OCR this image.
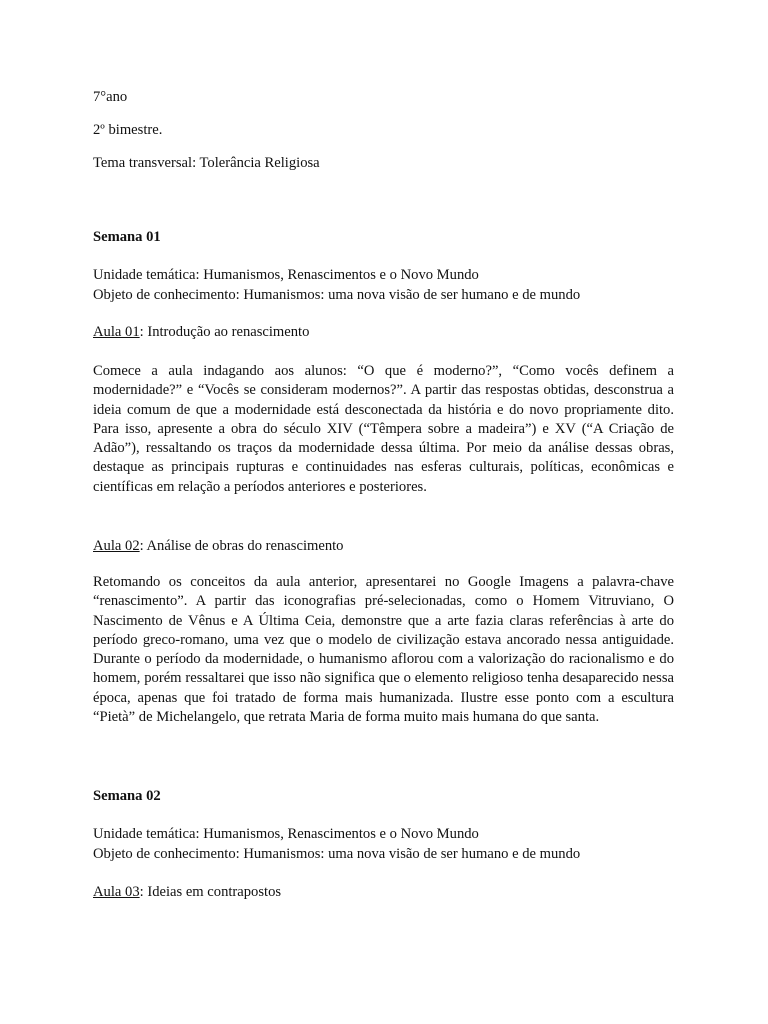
7°ano
2º bimestre.
Tema transversal: Tolerância Religiosa
Semana 01
Unidade temática: Humanismos, Renascimentos e o Novo Mundo
Objeto de conhecimento: Humanismos: uma nova visão de ser humano e de mundo
Aula 01: Introdução ao renascimento
Comece a aula indagando aos alunos: “O que é moderno?”, “Como vocês definem a modernidade?” e “Vocês se consideram modernos?”. A partir das respostas obtidas, desconstrua a ideia comum de que a modernidade está desconectada da história e do novo propriamente dito. Para isso, apresente a obra do século XIV (“Têmpera sobre a madeira”) e XV (“A Criação de Adão”), ressaltando os traços da modernidade dessa última. Por meio da análise dessas obras, destaque as principais rupturas e continuidades nas esferas culturais, políticas, econômicas e científicas em relação a períodos anteriores e posteriores.
Aula 02: Análise de obras do renascimento
Retomando os conceitos da aula anterior, apresentarei no Google Imagens a palavra-chave “renascimento”. A partir das iconografias pré-selecionadas, como o Homem Vitruviano, O Nascimento de Vênus e A Última Ceia, demonstre que a arte fazia claras referências à arte do período greco-romano, uma vez que o modelo de civilização estava ancorado nessa antiguidade. Durante o período da modernidade, o humanismo aflorou com a valorização do racionalismo e do homem, porém ressaltarei que isso não significa que o elemento religioso tenha desaparecido nessa época, apenas que foi tratado de forma mais humanizada. Ilustre esse ponto com a escultura “Pietà” de Michelangelo, que retrata Maria de forma muito mais humana do que santa.
Semana 02
Unidade temática: Humanismos, Renascimentos e o Novo Mundo
Objeto de conhecimento: Humanismos: uma nova visão de ser humano e de mundo
Aula 03: Ideias em contrapostos
